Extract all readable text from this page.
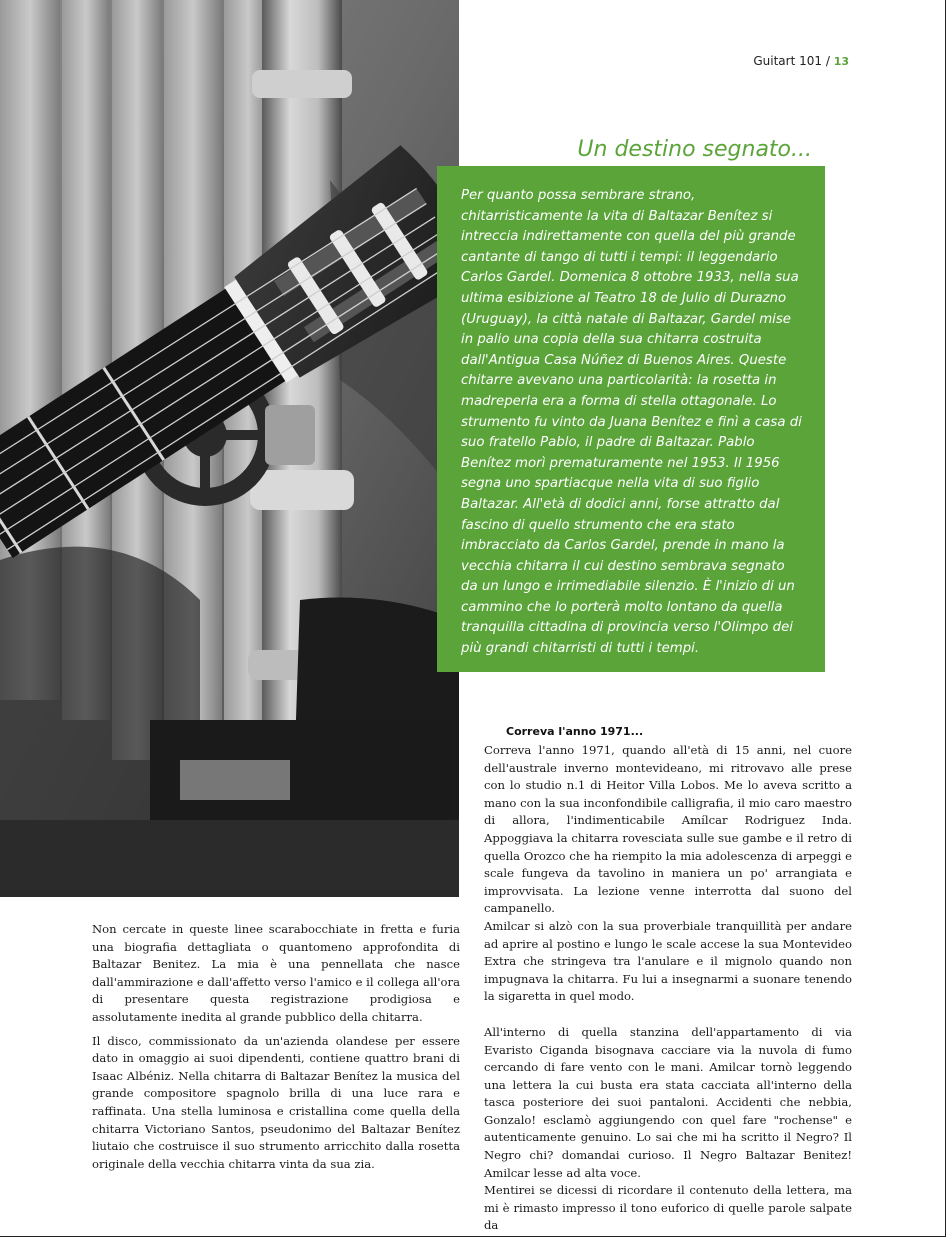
Guitart 101 / 13
Un destino segnato...
Per quanto possa sembrare strano, chitarristicamente la vita di Baltazar Benítez si intreccia indirettamente con quella del più grande cantante di tango di tutti i tempi: il leggendario Carlos Gardel. Domenica 8 ottobre 1933, nella sua ultima esibizione al Teatro 18 de Julio di Durazno (Uruguay), la città natale di Baltazar, Gardel mise in palio una copia della sua chitarra costruita dall'Antigua Casa Núñez di Buenos Aires. Queste chitarre avevano una particolarità: la rosetta in madreperla era a forma di stella ottagonale. Lo strumento fu vinto da Juana Benítez e finì a casa di suo fratello Pablo, il padre di Baltazar. Pablo Benítez morì prematuramente nel 1953. Il 1956 segna uno spartiacque nella vita di suo figlio Baltazar. All'età di dodici anni, forse attratto dal fascino di quello strumento che era stato imbracciato da Carlos Gardel, prende in mano la vecchia chitarra il cui destino sembrava segnato da un lungo e irrimediabile silenzio. È l'inizio di un cammino che lo porterà molto lontano da quella tranquilla cittadina di provincia verso l'Olimpo dei più grandi chitarristi di tutti i tempi.
Correva l'anno 1971...

Non cercate in queste linee scarabocchiate in fretta e furia una biografia dettagliata o quantomeno approfondita di Baltazar Benitez. La mia è una pennellata che nasce dall'ammirazione e dall'affetto verso l'amico e il collega all'ora di presentare questa registrazione prodigiosa e assolutamente inedita al grande pubblico della chitarra.

Il disco, commissionato da un'azienda olandese per essere dato in omaggio ai suoi dipendenti, contiene quattro brani di Isaac Albéniz. Nella chitarra di Baltazar Benítez la musica del grande compositore spagnolo brilla di una luce rara e raffinata. Una stella luminosa e cristallina come quella della chitarra Victoriano Santos, pseudonimo del Baltazar Benítez liutaio che costruisce il suo strumento arricchito dalla rosetta originale della vecchia chitarra vinta da sua zia.

Correva l'anno 1971, quando all'età di 15 anni, nel cuore dell'australe inverno montevideano, mi ritrovavo alle prese con lo studio n.1 di Heitor Villa Lobos. Me lo aveva scritto a mano con la sua inconfondibile calligrafia, il mio caro maestro di allora, l'indimenticabile Amílcar Rodriguez Inda. Appoggiava la chitarra rovesciata sulle sue gambe e il retro di quella Orozco che ha riempito la mia adolescenza di arpeggi e scale fungeva da tavolino in maniera un po' arrangiata e improvvisata. La lezione venne interrotta dal suono del campanello.

Amilcar si alzò con la sua proverbiale tranquillità per andare ad aprire al postino e lungo le scale accese la sua Montevideo Extra che stringeva tra l'anulare e il mignolo quando non impugnava la chitarra. Fu lui a insegnarmi a suonare tenendo la sigaretta in quel modo.

All'interno di quella stanzina dell'appartamento di via Evaristo Ciganda bisognava cacciare via la nuvola di fumo cercando di fare vento con le mani. Amilcar tornò leggendo una lettera la cui busta era stata cacciata all'interno della tasca posteriore dei suoi pantaloni. Accidenti che nebbia, Gonzalo! esclamò aggiungendo con quel fare "rochense" e autenticamente genuino. Lo sai che mi ha scritto il Negro? Il Negro chi? domandai curioso. Il Negro Baltazar Benitez! Amilcar lesse ad alta voce.

Mentirei se dicessi di ricordare il contenuto della lettera, ma mi è rimasto impresso il tono euforico di quelle parole salpate da
